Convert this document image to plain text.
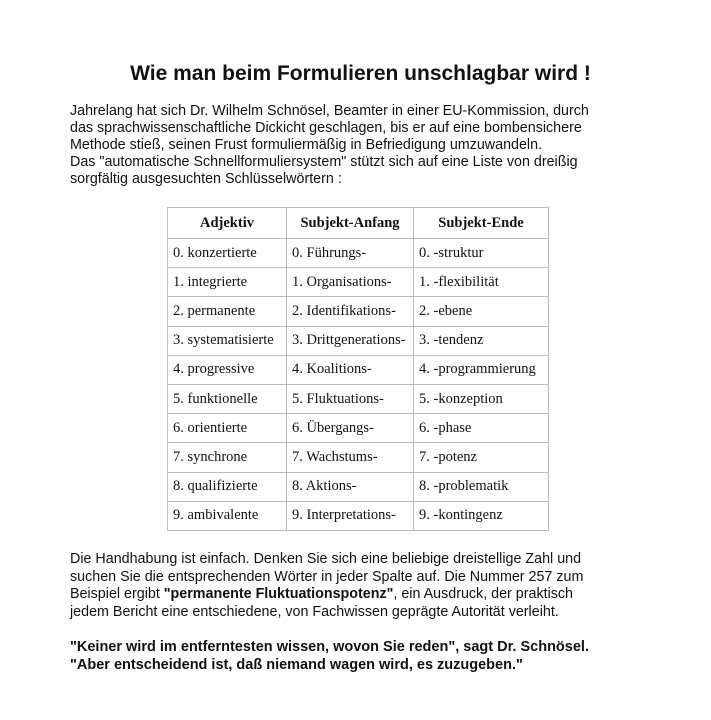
Wie man beim Formulieren unschlagbar wird !

Jahrelang hat sich Dr. Wilhelm Schnösel, Beamter in einer EU-Kommission, durch
das sprachwissenschaftliche Dickicht geschlagen, bis er auf eine bombensichere
Methode stieß, seinen Frust formuliermäßig in Befriedigung umzuwandeln.
Das "automatische Schnellformuliersystem" stützt sich auf eine Liste von dreißig
sorgfältig ausgesuchten Schlüsselwörtern :

Adjektiv	Subjekt-Anfang	Subjekt-Ende
0. konzertierte	0. Führungs-	0. -struktur
1. integrierte	1. Organisations-	1. -flexibilität
2. permanente	2. Identifikations-	2. -ebene
3. systematisierte	3. Drittgenerations-	3. -tendenz
4. progressive	4. Koalitions-	4. -programmierung
5. funktionelle	5. Fluktuations-	5. -konzeption
6. orientierte	6. Übergangs-	6. -phase
7. synchrone	7. Wachstums-	7. -potenz
8. qualifizierte	8. Aktions-	8. -problematik
9. ambivalente	9. Interpretations-	9. -kontingenz

Die Handhabung ist einfach. Denken Sie sich eine beliebige dreistellige Zahl und
suchen Sie die entsprechenden Wörter in jeder Spalte auf. Die Nummer 257 zum
Beispiel ergibt "permanente Fluktuationspotenz", ein Ausdruck, der praktisch
jedem Bericht eine entschiedene, von Fachwissen geprägte Autorität verleiht.

"Keiner wird im entferntesten wissen, wovon Sie reden", sagt Dr. Schnösel.
"Aber entscheidend ist, daß niemand wagen wird, es zuzugeben."
